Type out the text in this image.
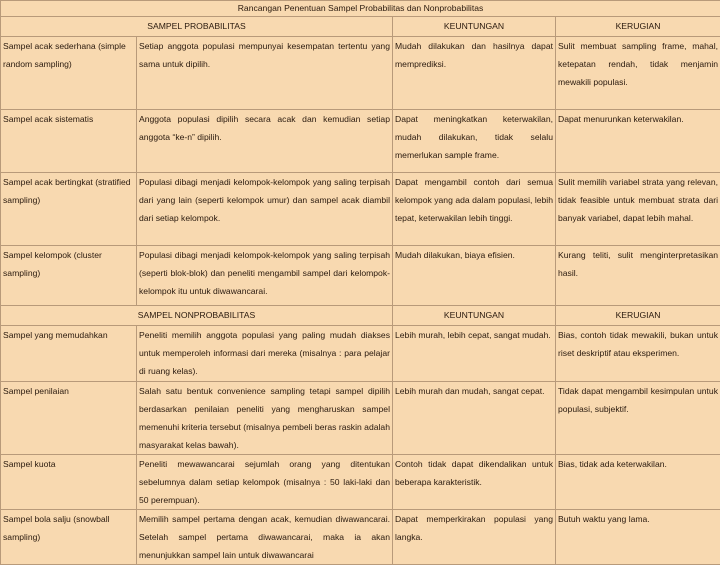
Rancangan Penentuan Sampel Probabilitas dan Nonprobabilitas			
SAMPEL PROBABILITAS		KEUNTUNGAN	KERUGIAN
Sampel acak sederhana (simple random sampling)	Setiap anggota populasi mempunyai kesempatan tertentu yang sama untuk dipilih.	Mudah dilakukan dan hasilnya dapat memprediksi.	Sulit membuat sampling frame, mahal, ketepatan rendah, tidak menjamin mewakili populasi.
Sampel acak sistematis	Anggota populasi dipilih secara acak dan kemudian setiap anggota “ke-n” dipilih.	Dapat meningkatkan keterwakilan, mudah dilakukan, tidak selalu memerlukan sample frame.	Dapat menurunkan keterwakilan.
Sampel acak bertingkat (stratified sampling)	Populasi dibagi menjadi kelompok-kelompok yang saling terpisah dari yang lain (seperti kelompok umur) dan sampel acak diambil dari setiap kelompok.	Dapat mengambil contoh dari semua kelompok yang ada dalam populasi, lebih tepat, keterwakilan lebih tinggi.	Sulit memilih variabel strata yang relevan, tidak feasible untuk membuat strata dari banyak variabel, dapat lebih mahal.
Sampel kelompok (cluster sampling)	Populasi dibagi menjadi kelompok-kelompok yang saling terpisah (seperti blok-blok) dan peneliti mengambil sampel dari kelompok-kelompok itu untuk diwawancarai.	Mudah dilakukan, biaya efisien.	Kurang teliti, sulit menginterpretasikan hasil.
SAMPEL NONPROBABILITAS		KEUNTUNGAN	KERUGIAN
Sampel yang memudahkan	Peneliti memilih anggota populasi yang paling mudah diakses untuk memperoleh informasi dari mereka (misalnya : para pelajar di ruang kelas).	Lebih murah, lebih cepat, sangat mudah.	Bias, contoh tidak mewakili, bukan untuk riset deskriptif atau eksperimen.
Sampel penilaian	Salah satu bentuk convenience sampling tetapi sampel dipilih berdasarkan penilaian peneliti yang mengharuskan sampel memenuhi kriteria tersebut (misalnya pembeli beras raskin adalah masyarakat kelas bawah).	Lebih murah dan mudah, sangat cepat.	Tidak dapat mengambil kesimpulan untuk populasi, subjektif.
Sampel kuota	Peneliti mewawancarai sejumlah orang yang ditentukan sebelumnya dalam setiap kelompok (misalnya : 50 laki-laki dan 50 perempuan).	Contoh tidak dapat dikendalikan untuk beberapa karakteristik.	Bias, tidak ada keterwakilan.
Sampel bola salju (snowball sampling)	Memilih sampel pertama dengan acak, kemudian diwawancarai. Setelah sampel pertama diwawancarai, maka ia akan menunjukkan sampel lain untuk diwawancarai	Dapat memperkirakan populasi yang langka.	Butuh waktu yang lama.
